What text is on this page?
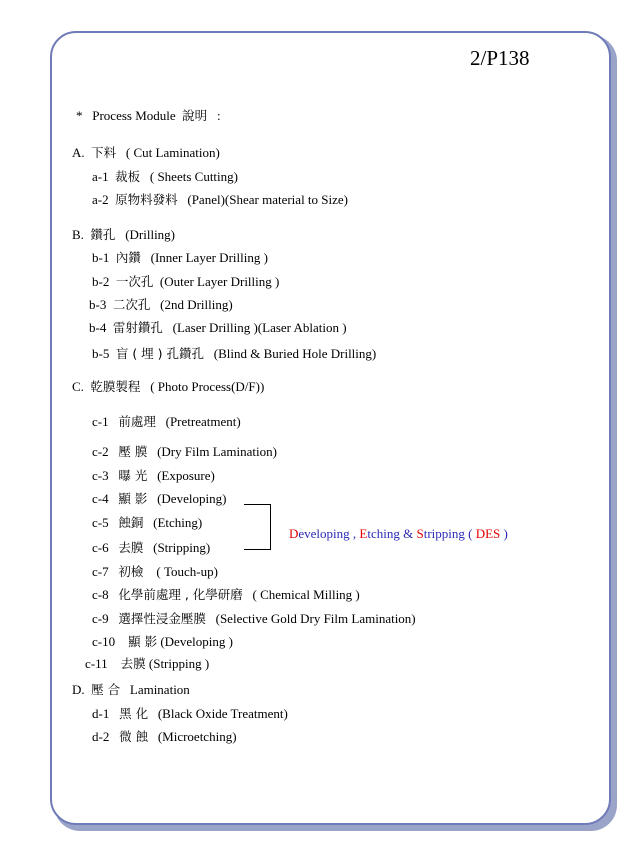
2/P138
* Process Module 說明 :
A. 下料 ( Cut Lamination)
a-1 裁板 ( Sheets Cutting)
a-2 原物料發料 (Panel)(Shear material to Size)
B. 鑽孔 (Drilling)
b-1 內鑽 (Inner Layer Drilling )
b-2 一次孔 (Outer Layer Drilling )
b-3 二次孔 (2nd Drilling)
b-4 雷射鑽孔 (Laser Drilling )(Laser Ablation )
b-5 盲 ( 埋 ) 孔鑽孔 (Blind & Buried Hole Drilling)
C. 乾膜製程 ( Photo Process(D/F))
c-1 前處理 (Pretreatment)
c-2 壓 膜 (Dry Film Lamination)
c-3 曝 光 (Exposure)
c-4 顯 影 (Developing)
c-5 蝕銅 (Etching)
c-6 去膜 (Stripping)
Developing , Etching & Stripping ( DES )
c-7 初檢 ( Touch-up)
c-8 化學前處理 , 化學研磨 ( Chemical Milling )
c-9 選擇性浸金壓膜 (Selective Gold Dry Film Lamination)
c-10 顯 影 (Developing )
c-11 去膜 (Stripping )
D. 壓 合 Lamination
d-1 黑 化 (Black Oxide Treatment)
d-2 微 蝕 (Microetching)
